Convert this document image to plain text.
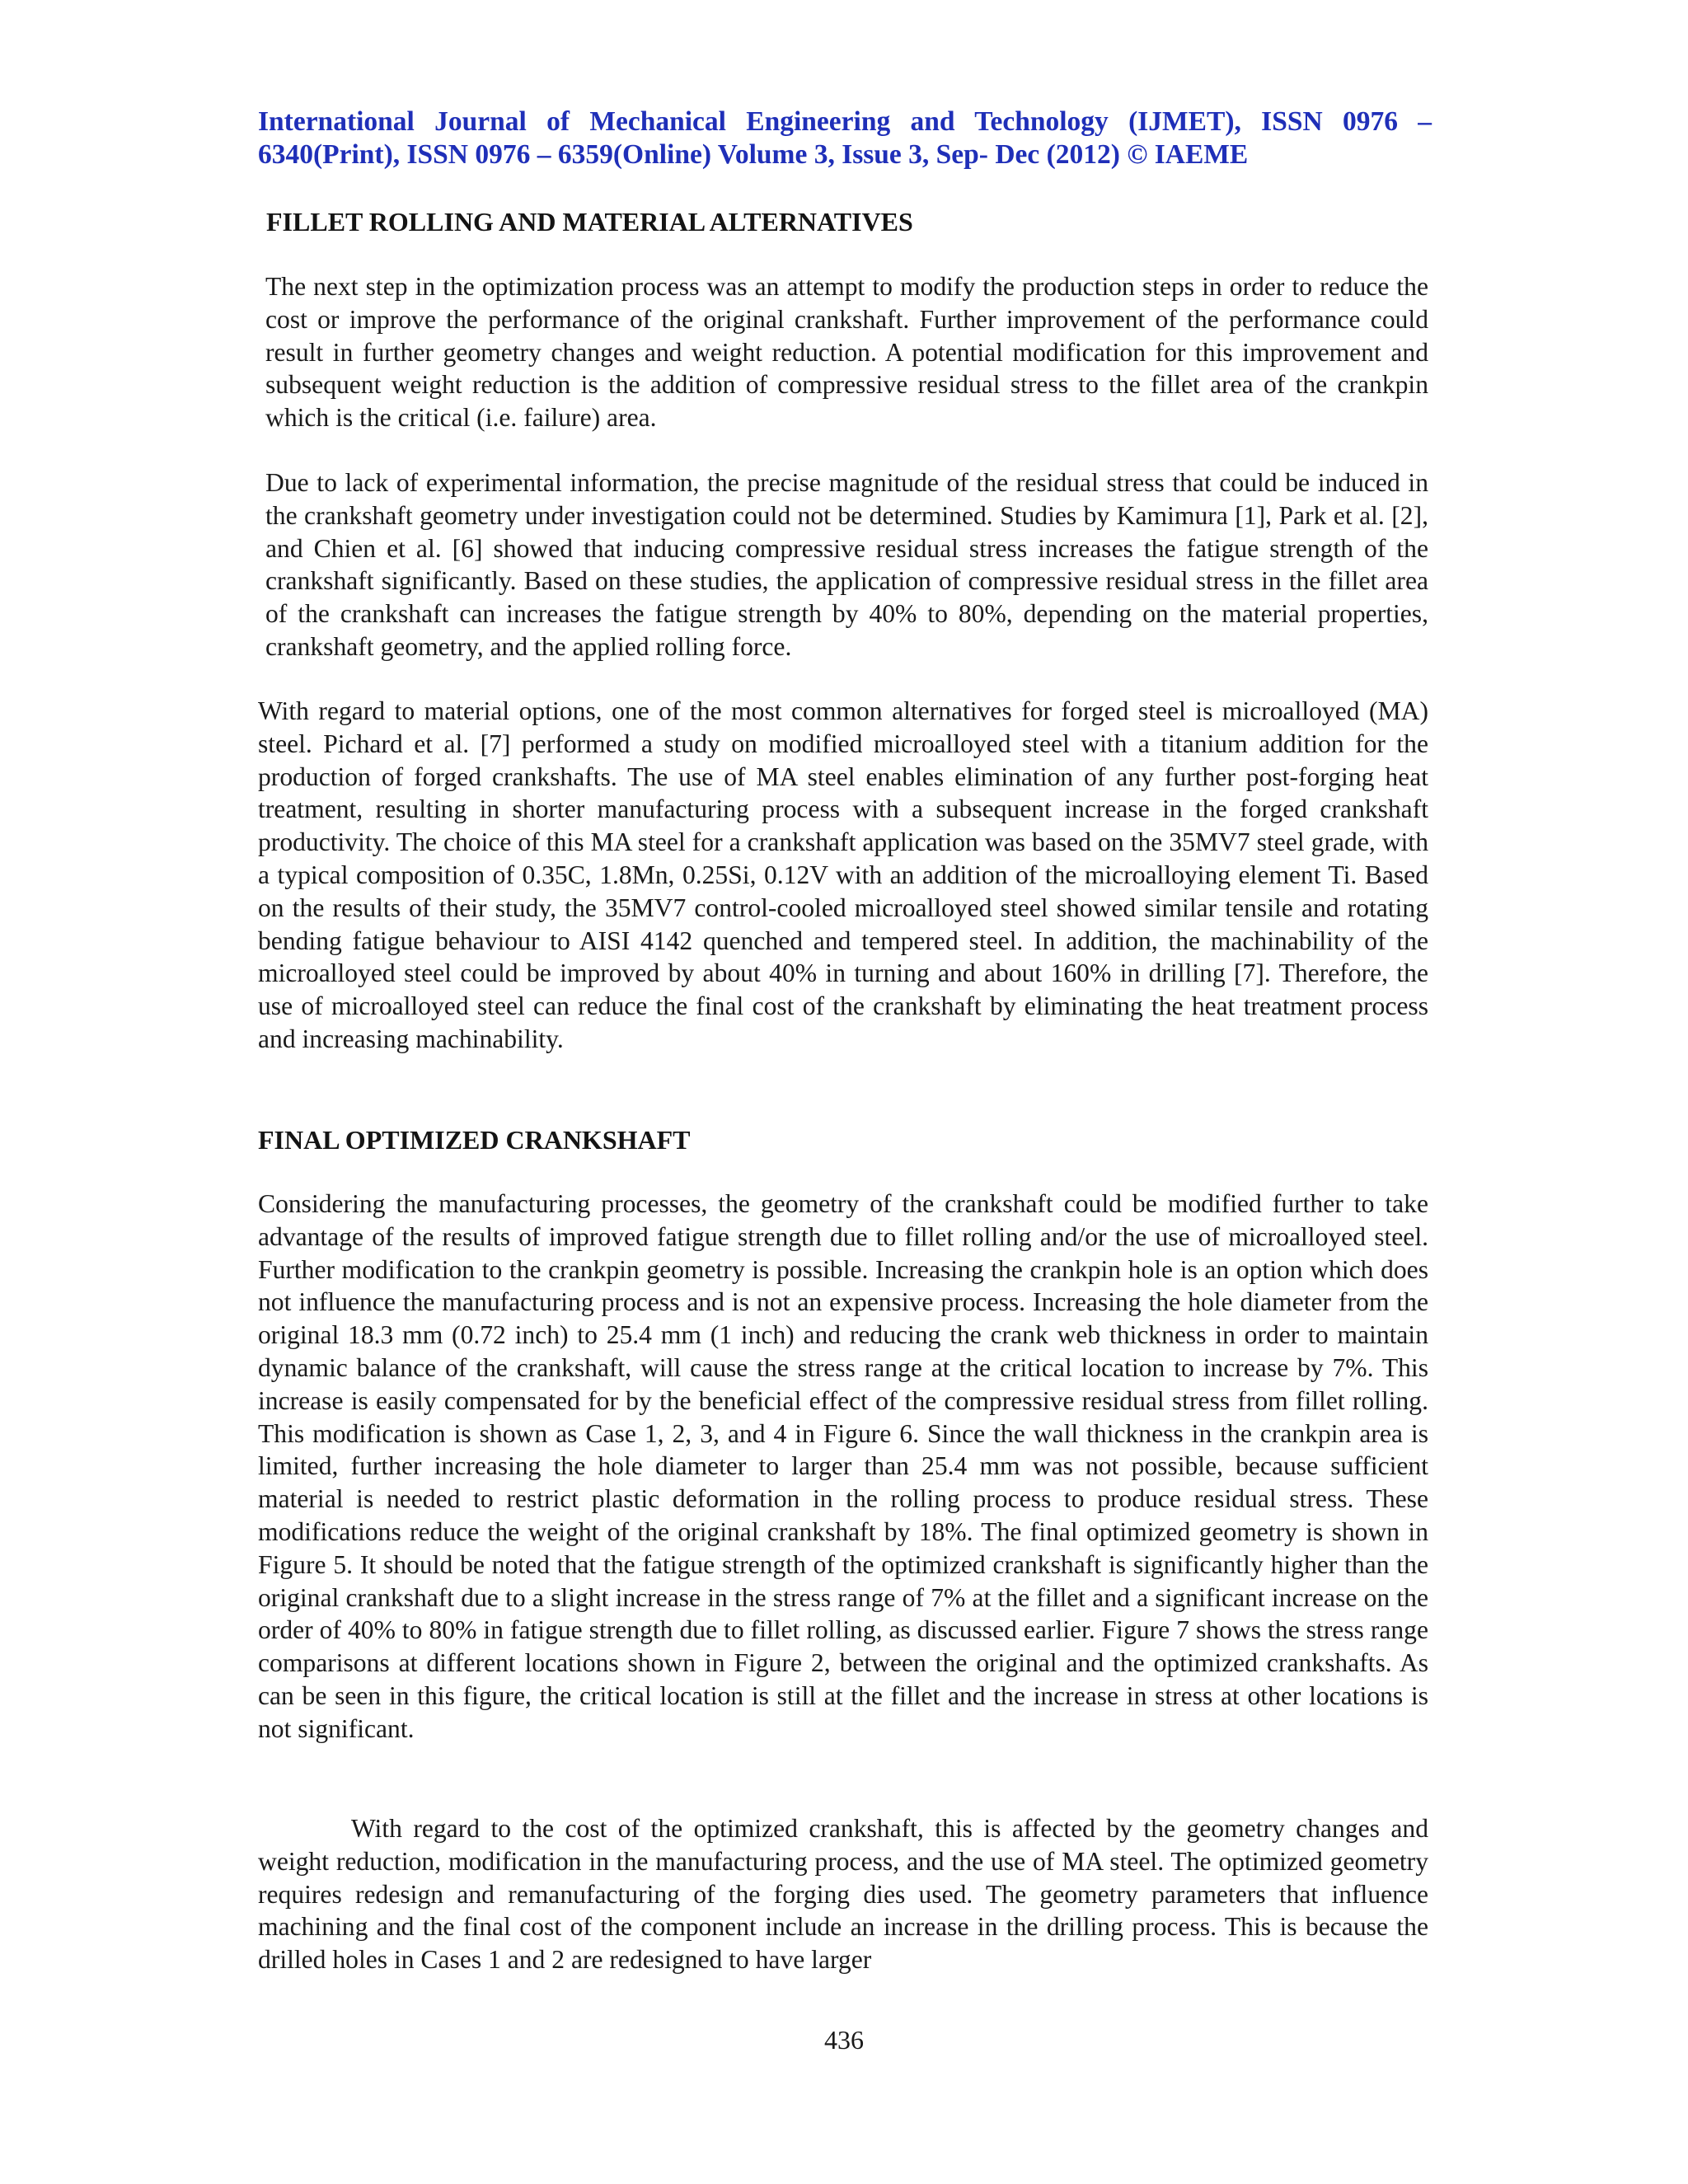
International Journal of Mechanical Engineering and Technology (IJMET), ISSN 0976 –
6340(Print), ISSN 0976 – 6359(Online) Volume 3, Issue 3, Sep- Dec (2012) © IAEME
FILLET ROLLING AND MATERIAL ALTERNATIVES

The next step in the optimization process was an attempt to modify the production steps in order to reduce the cost or improve the performance of the original crankshaft. Further improvement of the performance could result in further geometry changes and weight reduction. A potential modification for this improvement and subsequent weight reduction is the addition of compressive residual stress to the fillet area of the crankpin which is the critical (i.e. failure) area.

Due to lack of experimental information, the precise magnitude of the residual stress that could be induced in the crankshaft geometry under investigation could not be determined. Studies by Kamimura [1], Park et al. [2], and Chien et al. [6] showed that inducing compressive residual stress increases the fatigue strength of the crankshaft significantly. Based on these studies, the application of compressive residual stress in the fillet area of the crankshaft can increases the fatigue strength by 40% to 80%, depending on the material properties, crankshaft geometry, and the applied rolling force.

With regard to material options, one of the most common alternatives for forged steel is microalloyed (MA) steel. Pichard et al. [7] performed a study on modified microalloyed steel with a titanium addition for the production of forged crankshafts. The use of MA steel enables elimination of any further post-forging heat treatment, resulting in shorter manufacturing process with a subsequent increase in the forged crankshaft productivity. The choice of this MA steel for a crankshaft application was based on the 35MV7 steel grade, with a typical composition of 0.35C, 1.8Mn, 0.25Si, 0.12V with an addition of the microalloying element Ti. Based on the results of their study, the 35MV7 control-cooled microalloyed steel showed similar tensile and rotating bending fatigue behaviour to AISI 4142 quenched and tempered steel. In addition, the machinability of the microalloyed steel could be improved by about 40% in turning and about 160% in drilling [7]. Therefore, the use of microalloyed steel can reduce the final cost of the crankshaft by eliminating the heat treatment process and increasing machinability.

FINAL OPTIMIZED CRANKSHAFT

Considering the manufacturing processes, the geometry of the crankshaft could be modified further to take advantage of the results of improved fatigue strength due to fillet rolling and/or the use of microalloyed steel. Further modification to the crankpin geometry is possible. Increasing the crankpin hole is an option which does not influence the manufacturing process and is not an expensive process. Increasing the hole diameter from the original 18.3 mm (0.72 inch) to 25.4 mm (1 inch) and reducing the crank web thickness in order to maintain dynamic balance of the crankshaft, will cause the stress range at the critical location to increase by 7%. This increase is easily compensated for by the beneficial effect of the compressive residual stress from fillet rolling. This modification is shown as Case 1, 2, 3, and 4 in Figure 6. Since the wall thickness in the crankpin area is limited, further increasing the hole diameter to larger than 25.4 mm was not possible, because sufficient material is needed to restrict plastic deformation in the rolling process to produce residual stress. These modifications reduce the weight of the original crankshaft by 18%. The final optimized geometry is shown in Figure 5. It should be noted that the fatigue strength of the optimized crankshaft is significantly higher than the original crankshaft due to a slight increase in the stress range of 7% at the fillet and a significant increase on the order of 40% to 80% in fatigue strength due to fillet rolling, as discussed earlier. Figure 7 shows the stress range comparisons at different locations shown in Figure 2, between the original and the optimized crankshafts. As can be seen in this figure, the critical location is still at the fillet and the increase in stress at other locations is not significant.

With regard to the cost of the optimized crankshaft, this is affected by the geometry changes and weight reduction, modification in the manufacturing process, and the use of MA steel. The optimized geometry requires redesign and remanufacturing of the forging dies used. The geometry parameters that influence machining and the final cost of the component include an increase in the drilling process. This is because the drilled holes in Cases 1 and 2 are redesigned to have larger

436
